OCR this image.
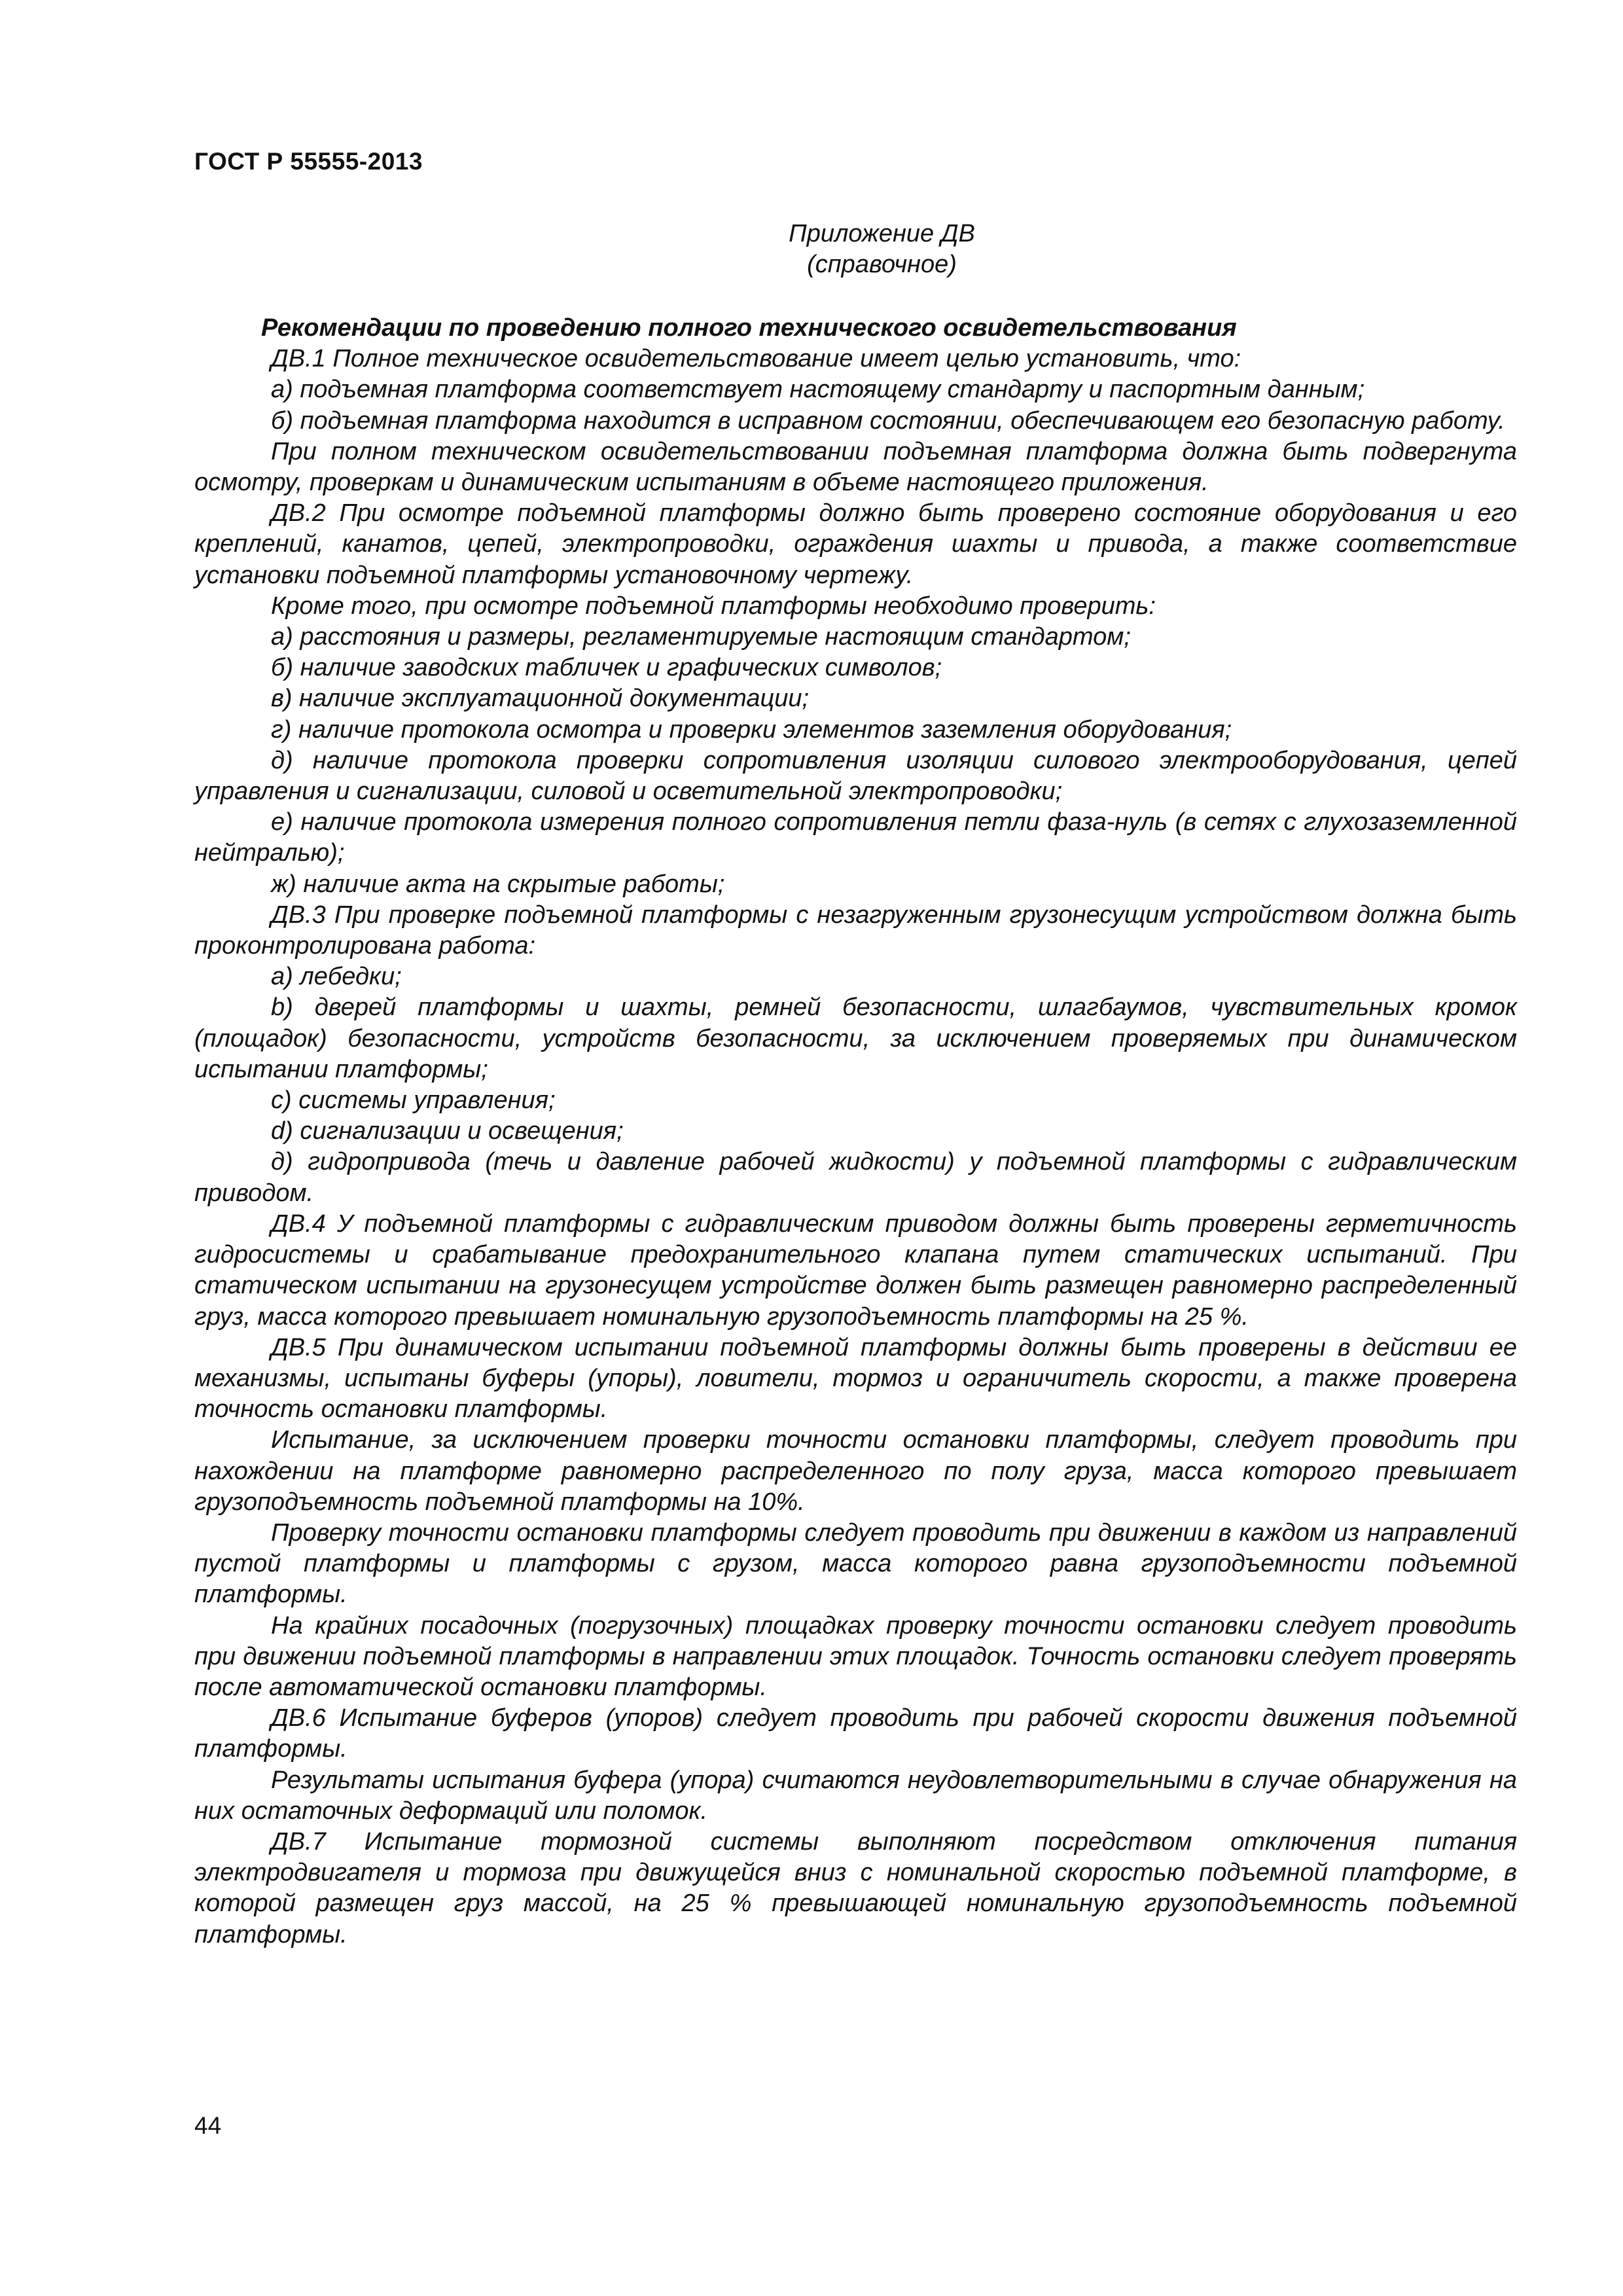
ГОСТ Р 55555-2013
Приложение ДВ
(справочное)
Рекомендации по проведению полного технического освидетельствования

ДВ.1 Полное техническое освидетельствование имеет целью установить, что:

а) подъемная платформа соответствует настоящему стандарту и паспортным данным;

б) подъемная платформа находится в исправном состоянии, обеспечивающем его безопасную работу.

При полном техническом освидетельствовании подъемная платформа должна быть подвергнута осмотру, проверкам и динамическим испытаниям в объеме настоящего приложения.

ДВ.2 При осмотре подъемной платформы должно быть проверено состояние оборудования и его креплений, канатов, цепей, электропроводки, ограждения шахты и привода, а также соответствие установки подъемной платформы установочному чертежу.

Кроме того, при осмотре подъемной платформы необходимо проверить:

а) расстояния и размеры, регламентируемые настоящим стандартом;

б) наличие заводских табличек и графических символов;

в) наличие эксплуатационной документации;

г) наличие протокола осмотра и проверки элементов заземления оборудования;

д) наличие протокола проверки сопротивления изоляции силового электрооборудования, цепей управления и сигнализации, силовой и осветительной электропроводки;

е) наличие протокола измерения полного сопротивления петли фаза-нуль (в сетях с глухозаземленной нейтралью);

ж) наличие акта на скрытые работы;

ДВ.3 При проверке подъемной платформы с незагруженным грузонесущим устройством должна быть проконтролирована работа:

а) лебедки;

b) дверей платформы и шахты, ремней безопасности, шлагбаумов, чувствительных кромок (площадок) безопасности, устройств безопасности, за исключением проверяемых при динамическом испытании платформы;

с) системы управления;

d) сигнализации и освещения;

д) гидропривода (течь и давление рабочей жидкости) у подъемной платформы с гидравлическим приводом.

ДВ.4 У подъемной платформы с гидравлическим приводом должны быть проверены герметичность гидросистемы и срабатывание предохранительного клапана путем статических испытаний. При статическом испытании на грузонесущем устройстве должен быть размещен равномерно распределенный груз, масса которого превышает номинальную грузоподъемность платформы на 25 %.

ДВ.5 При динамическом испытании подъемной платформы должны быть проверены в действии ее механизмы, испытаны буферы (упоры), ловители, тормоз и ограничитель скорости, а также проверена точность остановки платформы.

Испытание, за исключением проверки точности остановки платформы, следует проводить при нахождении на платформе равномерно распределенного по полу груза, масса которого превышает грузоподъемность подъемной платформы на 10%.

Проверку точности остановки платформы следует проводить при движении в каждом из направлений пустой платформы и платформы с грузом, масса которого равна грузоподъемности подъемной платформы.

На крайних посадочных (погрузочных) площадках проверку точности остановки следует проводить при движении подъемной платформы в направлении этих площадок. Точность остановки следует проверять после автоматической остановки платформы.

ДВ.6 Испытание буферов (упоров) следует проводить при рабочей скорости движения подъемной платформы.

Результаты испытания буфера (упора) считаются неудовлетворительными в случае обнаружения на них остаточных деформаций или поломок.

ДВ.7 Испытание тормозной системы выполняют посредством отключения питания электродвигателя и тормоза при движущейся вниз с номинальной скоростью подъемной платформе, в которой размещен груз массой, на 25 % превышающей номинальную грузоподъемность подъемной платформы.

44
